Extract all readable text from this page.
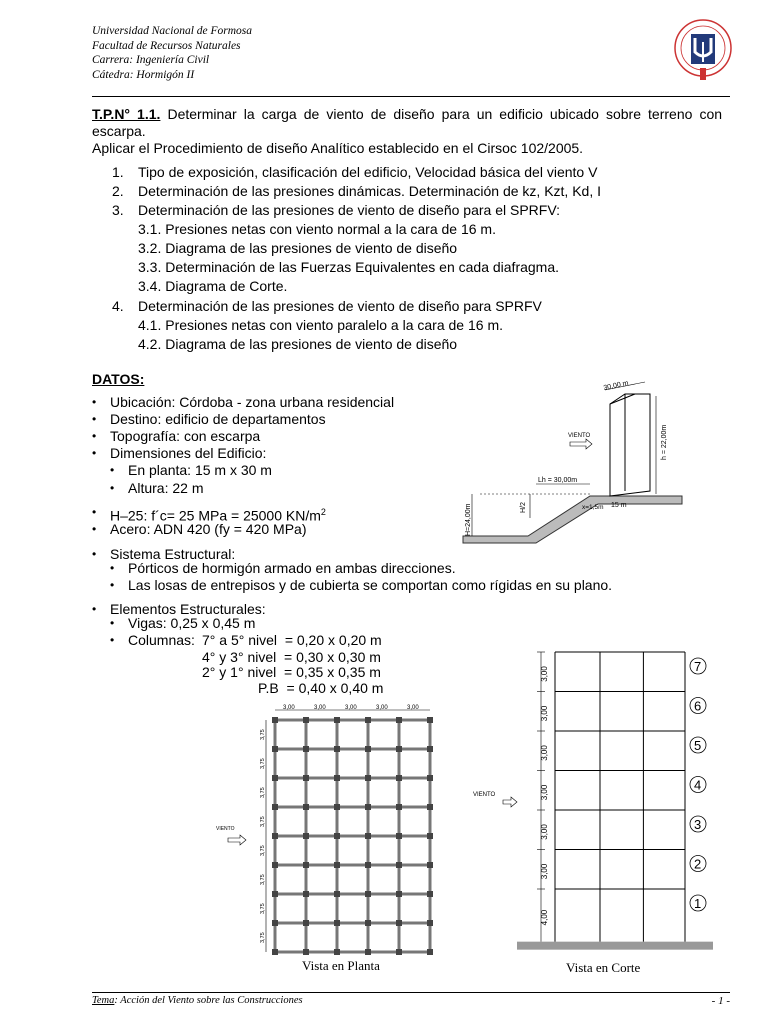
Universidad Nacional de Formosa
Facultad de Recursos Naturales
Carrera: Ingeniería Civil
Cátedra: Hormigón II
T.P.N° 1.1. Determinar la carga de viento de diseño para un edificio ubicado sobre terreno con escarpa.
Aplicar el Procedimiento de diseño Analítico establecido en el Cirsoc 102/2005.
1. Tipo de exposición, clasificación del edificio, Velocidad básica del viento V
2. Determinación de las presiones dinámicas. Determinación de kz, Kzt, Kd, I
3. Determinación de las presiones de viento de diseño para el SPRFV:
3.1. Presiones netas con viento normal a la cara de 16 m.
3.2. Diagrama de las presiones de viento de diseño
3.3. Determinación de las Fuerzas Equivalentes en cada diafragma.
3.4. Diagrama de Corte.
4. Determinación de las presiones de viento de diseño para SPRFV
4.1. Presiones netas con viento paralelo a la cara de 16 m.
4.2. Diagrama de las presiones de viento de diseño
DATOS:
• Ubicación: Córdoba - zona urbana residencial
• Destino: edificio de departamentos
• Topografía: con escarpa
• Dimensiones del Edificio:
• En planta: 15 m x 30 m
• Altura: 22 m
• H–25: f´c= 25 MPa = 25000 $KN/m^2$
• Acero: ADN 420 (fy = 420 MPa)
• Sistema Estructural:
• Pórticos de hormigón armado en ambas direcciones.
• Las losas de entrepisos y de cubierta se comportan como rígidas en su plano.
• Elementos Estructurales:
• Vigas: 0,25 x 0,45 m
• Columnas: 7° a 5° nivel = 0,20 x 0,20 m
4° y 3° nivel = 0,30 x 0,30 m
2° y 1° nivel = 0,35 x 0,35 m
P.B = 0,40 x 0,40 m
30,00 m
h = 22,00m
VIENTO
Lh = 30,00m
H/2
H=24,00m	x=1,5m 15 m
3,00	3,00	3,00	3,00	3,00
3,75
3,75
3,75
3,75
3,75
3,75
3,75
3,75
VIENTO
Vista en Planta
3,00	7
3,00	6
3,00	5
3,00	4
3,00	3
3,00	2
4,00
1
VIENTO
Vista en Corte
Tema: Acción del Viento sobre las Construcciones	- 1 -
